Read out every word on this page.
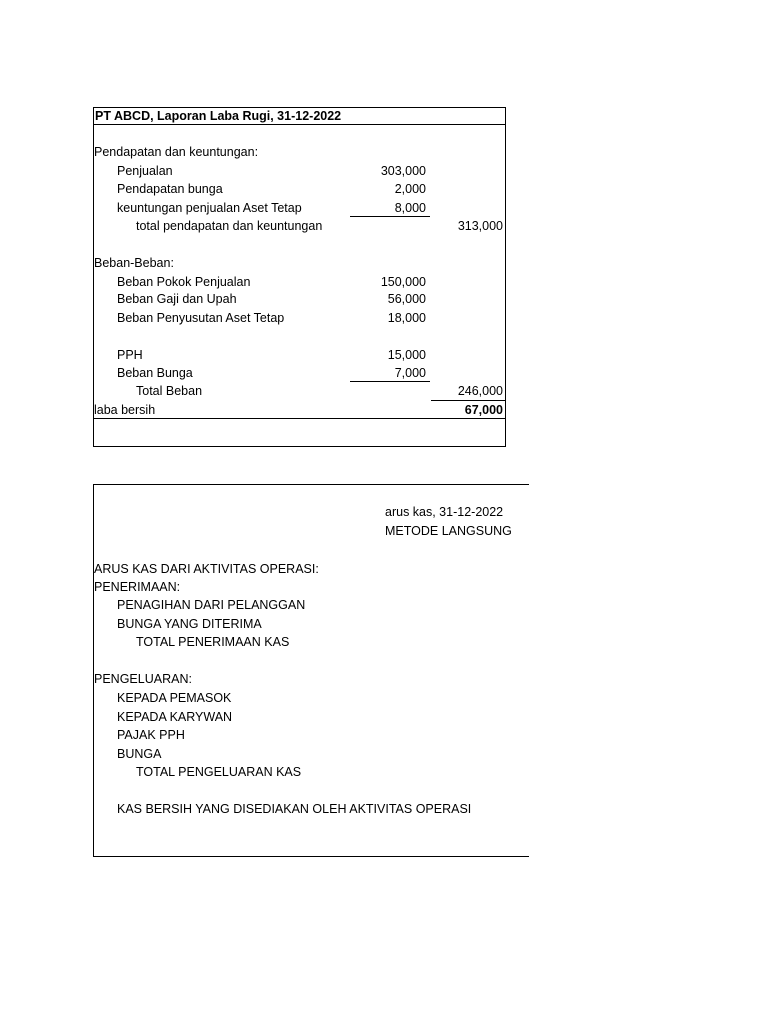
PT ABCD, Laporan Laba Rugi, 31-12-2022
Pendapatan dan keuntungan:
Penjualan	303,000
Pendapatan bunga	2,000
keuntungan penjualan Aset Tetap	8,000
total pendapatan dan keuntungan	313,000
Beban-Beban:
Beban Pokok Penjualan	150,000
Beban Gaji dan Upah	56,000
Beban Penyusutan Aset Tetap	18,000
PPH	15,000
Beban Bunga	7,000
Total Beban	246,000
laba bersih	67,000
arus kas, 31-12-2022
METODE LANGSUNG
ARUS KAS DARI AKTIVITAS OPERASI:
PENERIMAAN:
PENAGIHAN DARI PELANGGAN
BUNGA YANG DITERIMA
TOTAL PENERIMAAN KAS
PENGELUARAN:
KEPADA PEMASOK
KEPADA KARYWAN
PAJAK PPH
BUNGA
TOTAL PENGELUARAN KAS
KAS BERSIH YANG DISEDIAKAN OLEH AKTIVITAS OPERASI
